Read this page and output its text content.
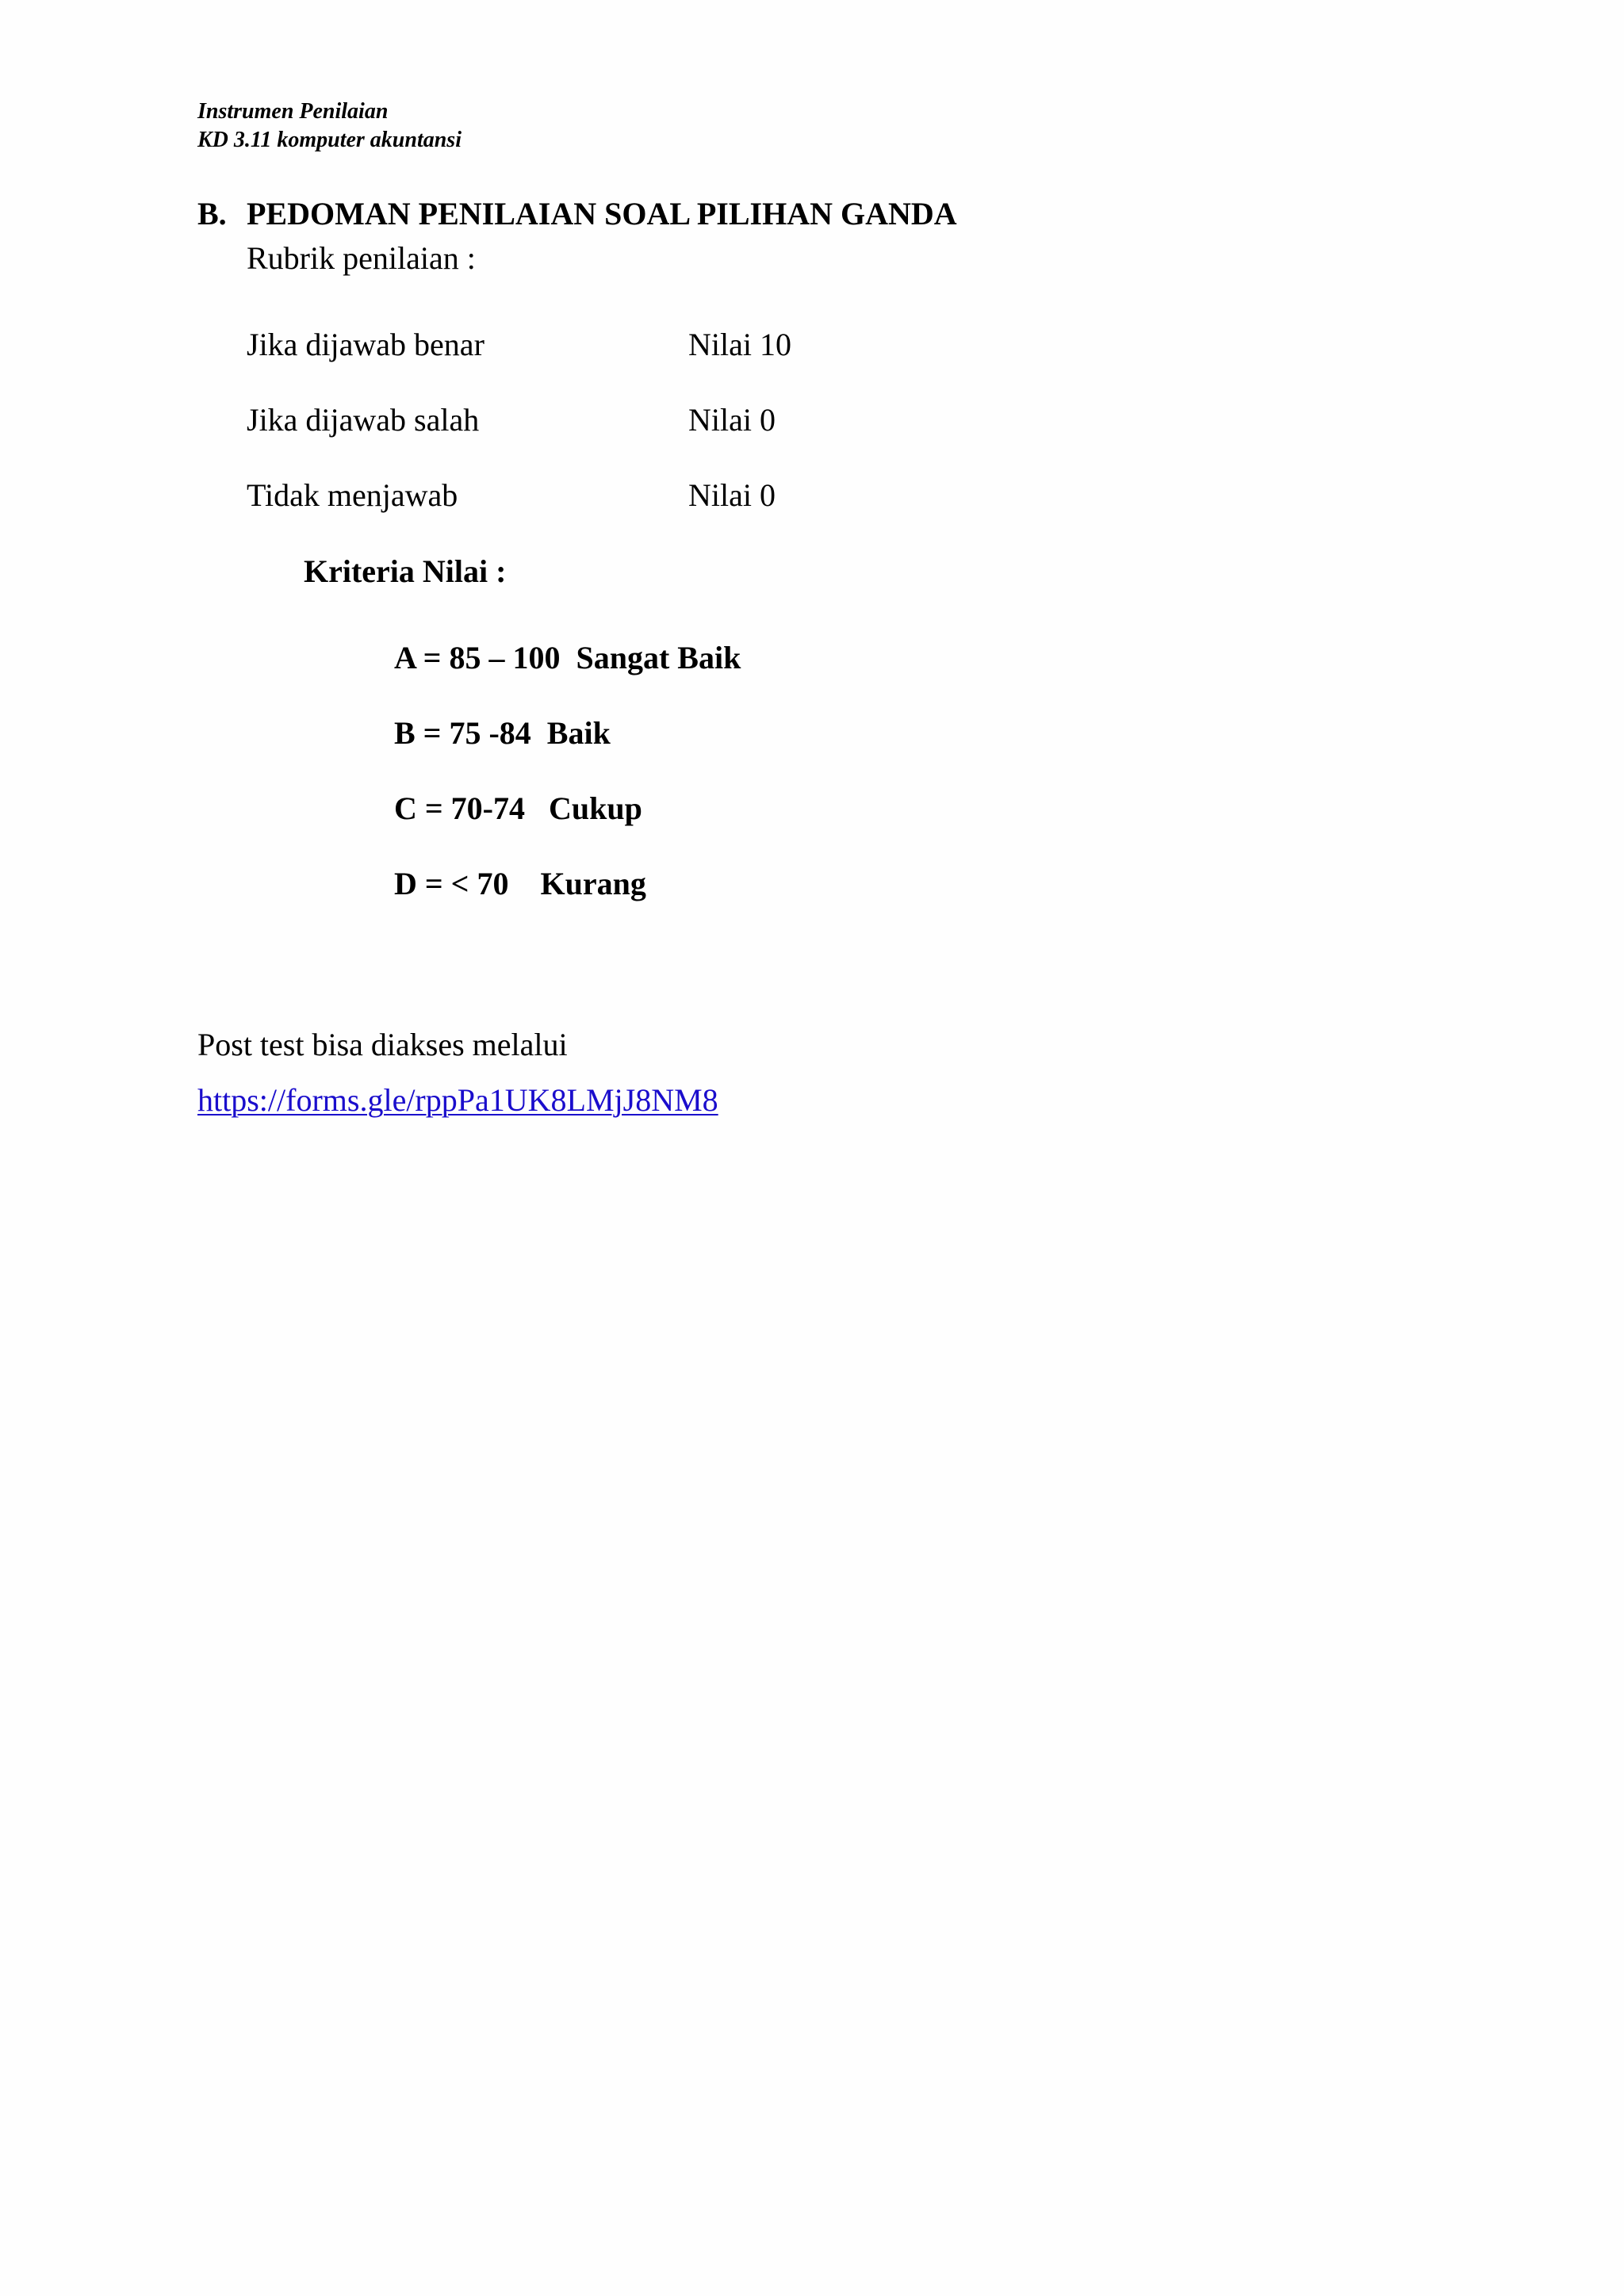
Instrumen Penilaian
KD 3.11 komputer akuntansi
B. PEDOMAN PENILAIAN SOAL PILIHAN GANDA
Rubrik penilaian :
Jika dijawab benar	Nilai 10
Jika dijawab salah	Nilai 0
Tidak menjawab	Nilai 0
Kriteria Nilai :
A = 85 – 100 Sangat Baik
B = 75 -84 Baik
C = 70-74 Cukup
D = < 70 Kurang
Post test bisa diakses melalui
https://forms.gle/rppPa1UK8LMjJ8NM8
